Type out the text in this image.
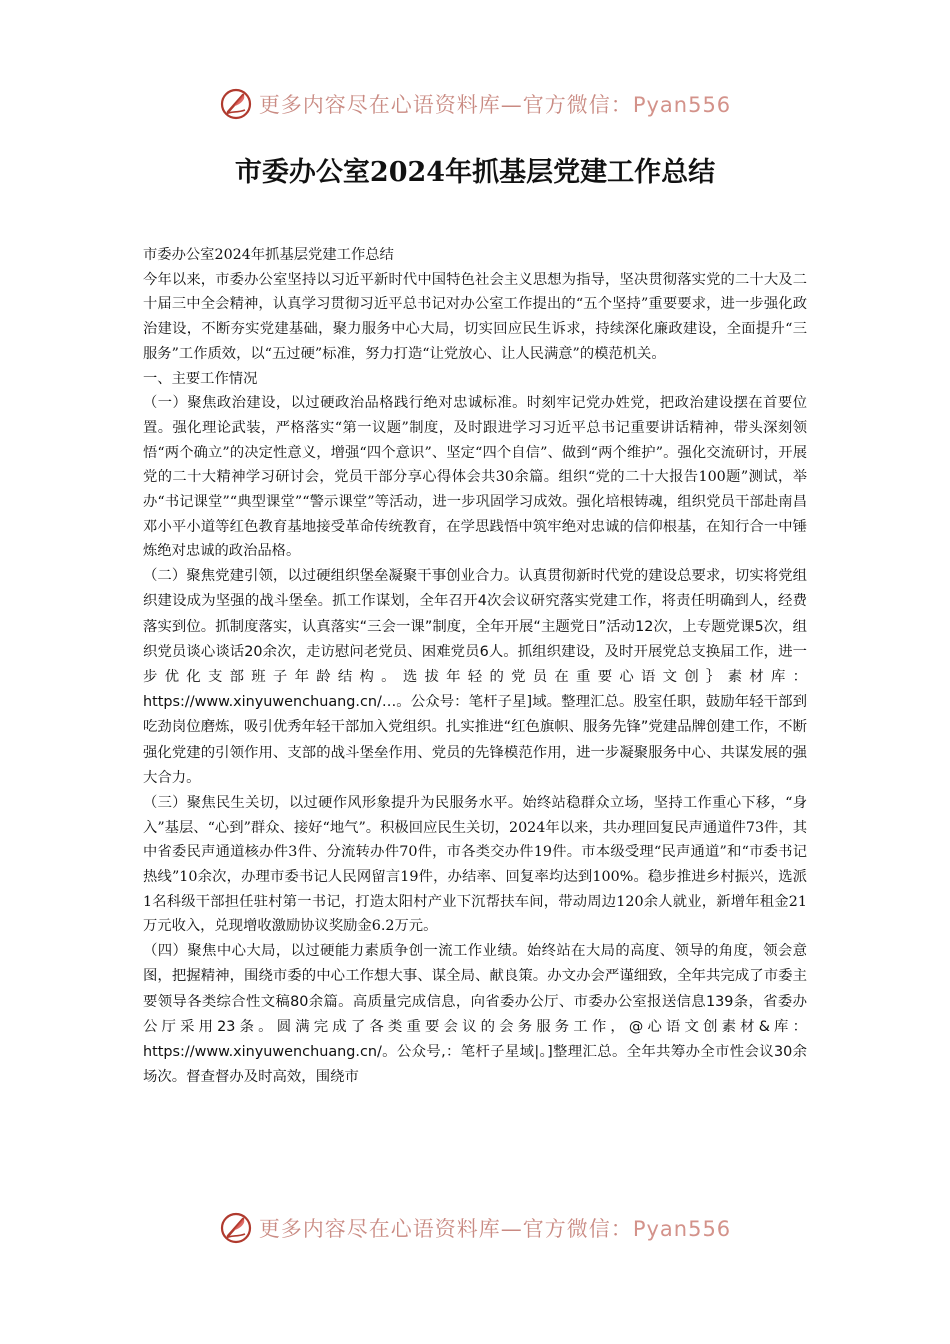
更多内容尽在心语资料库—官方微信：Pyan556
市委办公室2024年抓基层党建工作总结

市委办公室2024年抓基层党建工作总结

今年以来，市委办公室坚持以习近平新时代中国特色社会主义思想为指导，坚决贯彻落实党的二十大及二十届三中全会精神，认真学习贯彻习近平总书记对办公室工作提出的“五个坚持”重要要求，进一步强化政治建设，不断夯实党建基础，聚力服务中心大局，切实回应民生诉求，持续深化廉政建设，全面提升“三服务”工作质效，以“五过硬”标准，努力打造“让党放心、让人民满意”的模范机关。

一、主要工作情况

（一）聚焦政治建设，以过硬政治品格践行绝对忠诚标准。时刻牢记党办姓党，把政治建设摆在首要位置。强化理论武装，严格落实“第一议题”制度，及时跟进学习习近平总书记重要讲话精神，带头深刻领悟“两个确立”的决定性意义，增强“四个意识”、坚定“四个自信”、做到“两个维护”。强化交流研讨，开展党的二十大精神学习研讨会，党员干部分享心得体会共30余篇。组织“党的二十大报告100题”测试，举办“书记课堂”“典型课堂”“警示课堂”等活动，进一步巩固学习成效。强化培根铸魂，组织党员干部赴南昌邓小平小道等红色教育基地接受革命传统教育，在学思践悟中筑牢绝对忠诚的信仰根基，在知行合一中锤炼绝对忠诚的政治品格。

（二）聚焦党建引领，以过硬组织堡垒凝聚干事创业合力。认真贯彻新时代党的建设总要求，切实将党组织建设成为坚强的战斗堡垒。抓工作谋划，全年召开4次会议研究落实党建工作，将责任明确到人，经费落实到位。抓制度落实，认真落实“三会一课”制度，全年开展“主题党日”活动12次，上专题党课5次，组织党员谈心谈话20余次，走访慰问老党员、困难党员6人。抓组织建设，及时开展党总支换届工作，进一步优化支部班子年龄结构。选拔年轻的党员在重要心语文创｝素材库：https://www.xinyuwenchuang.cn/…。公众号：笔杆子星]域。整理汇总。股室任职，鼓励年轻干部到吃劲岗位磨炼，吸引优秀年轻干部加入党组织。扎实推进“红色旗帜、服务先锋”党建品牌创建工作，不断强化党建的引领作用、支部的战斗堡垒作用、党员的先锋模范作用，进一步凝聚服务中心、共谋发展的强大合力。

（三）聚焦民生关切，以过硬作风形象提升为民服务水平。始终站稳群众立场，坚持工作重心下移，“身入”基层、“心到”群众、接好“地气”。积极回应民生关切，2024年以来，共办理回复民声通道件73件，其中省委民声通道核办件3件、分流转办件70件，市各类交办件19件。市本级受理“民声通道”和“市委书记热线”10余次，办理市委书记人民网留言19件，办结率、回复率均达到100%。稳步推进乡村振兴，选派1名科级干部担任驻村第一书记，打造太阳村产业下沉帮扶车间，带动周边120余人就业，新增年租金21万元收入，兑现增收激励协议奖励金6.2万元。

（四）聚焦中心大局，以过硬能力素质争创一流工作业绩。始终站在大局的高度、领导的角度，领会意图，把握精神，围绕市委的中心工作想大事、谋全局、献良策。办文办会严谨细致，全年共完成了市委主要领导各类综合性文稿80余篇。高质量完成信息，向省委办公厅、市委办公室报送信息139条，省委办公厅采用23条。圆满完成了各类重要会议的会务服务工作，@心语文创素材&库：https://www.xinyuwenchuang.cn/。公众号,：笔杆子星域|。]整理汇总。全年共筹办全市性会议30余场次。督查督办及时高效，围绕市

更多内容尽在心语资料库—官方微信：Pyan556
